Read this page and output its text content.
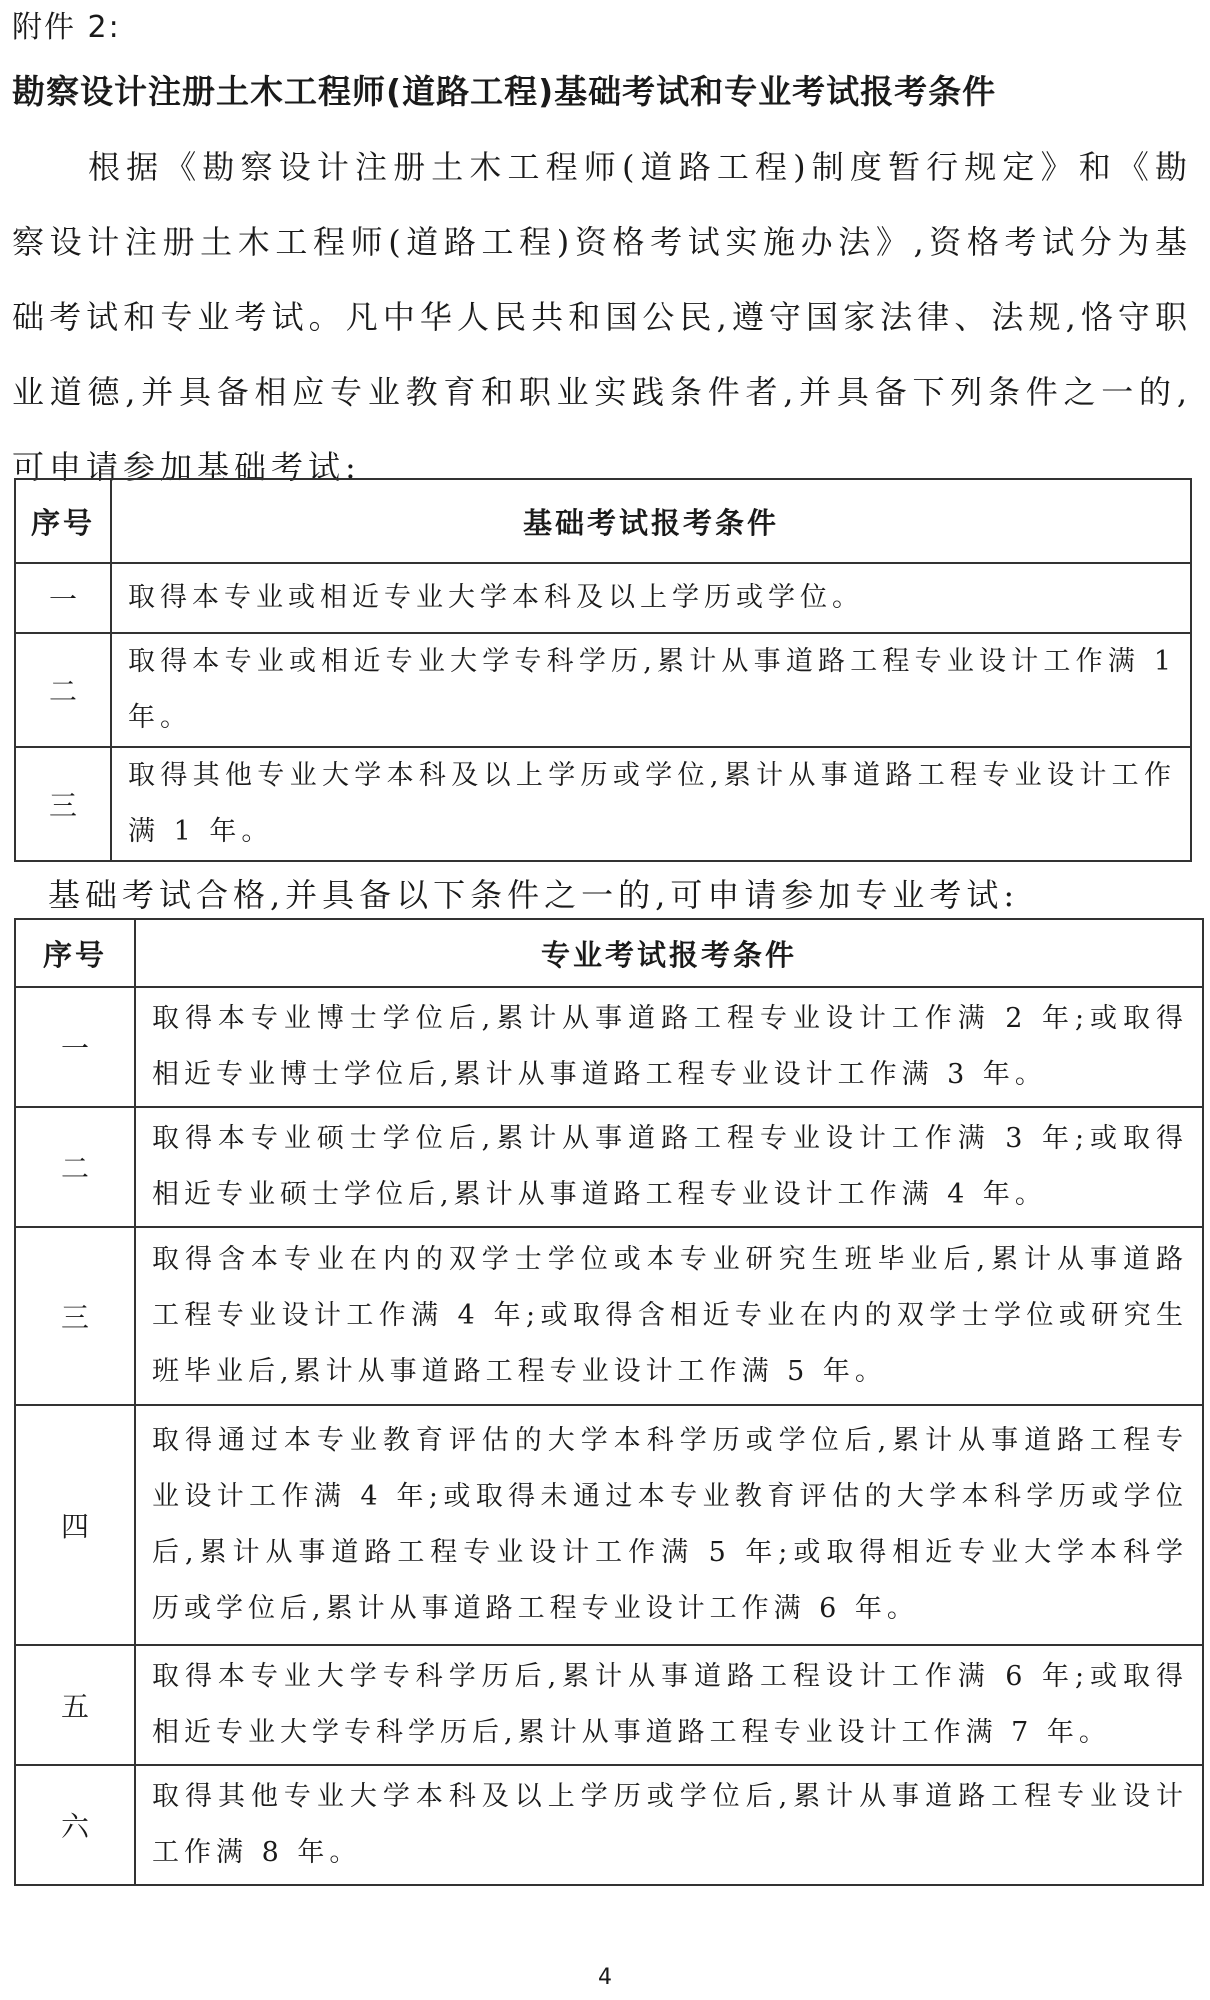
附件 2:
勘察设计注册土木工程师(道路工程)基础考试和专业考试报考条件

根据《勘察设计注册土木工程师(道路工程)制度暂行规定》和《勘察设计注册土木工程师(道路工程)资格考试实施办法》,资格考试分为基础考试和专业考试。凡中华人民共和国公民,遵守国家法律、法规,恪守职业道德,并具备相应专业教育和职业实践条件者,并具备下列条件之一的,可申请参加基础考试:

序号	基础考试报考条件
一	取得本专业或相近专业大学本科及以上学历或学位。
二	取得本专业或相近专业大学专科学历,累计从事道路工程专业设计工作满 1 年。
三	取得其他专业大学本科及以上学历或学位,累计从事道路工程专业设计工作满 1 年。

基础考试合格,并具备以下条件之一的,可申请参加专业考试:

序号	专业考试报考条件
一	取得本专业博士学位后,累计从事道路工程专业设计工作满 2 年;或取得相近专业博士学位后,累计从事道路工程专业设计工作满 3 年。
二	取得本专业硕士学位后,累计从事道路工程专业设计工作满 3 年;或取得相近专业硕士学位后,累计从事道路工程专业设计工作满 4 年。
三	取得含本专业在内的双学士学位或本专业研究生班毕业后,累计从事道路工程专业设计工作满 4 年;或取得含相近专业在内的双学士学位或研究生班毕业后,累计从事道路工程专业设计工作满 5 年。
四	取得通过本专业教育评估的大学本科学历或学位后,累计从事道路工程专业设计工作满 4 年;或取得未通过本专业教育评估的大学本科学历或学位后,累计从事道路工程专业设计工作满 5 年;或取得相近专业大学本科学历或学位后,累计从事道路工程专业设计工作满 6 年。
五	取得本专业大学专科学历后,累计从事道路工程设计工作满 6 年;或取得相近专业大学专科学历后,累计从事道路工程专业设计工作满 7 年。
六	取得其他专业大学本科及以上学历或学位后,累计从事道路工程专业设计工作满 8 年。
4
